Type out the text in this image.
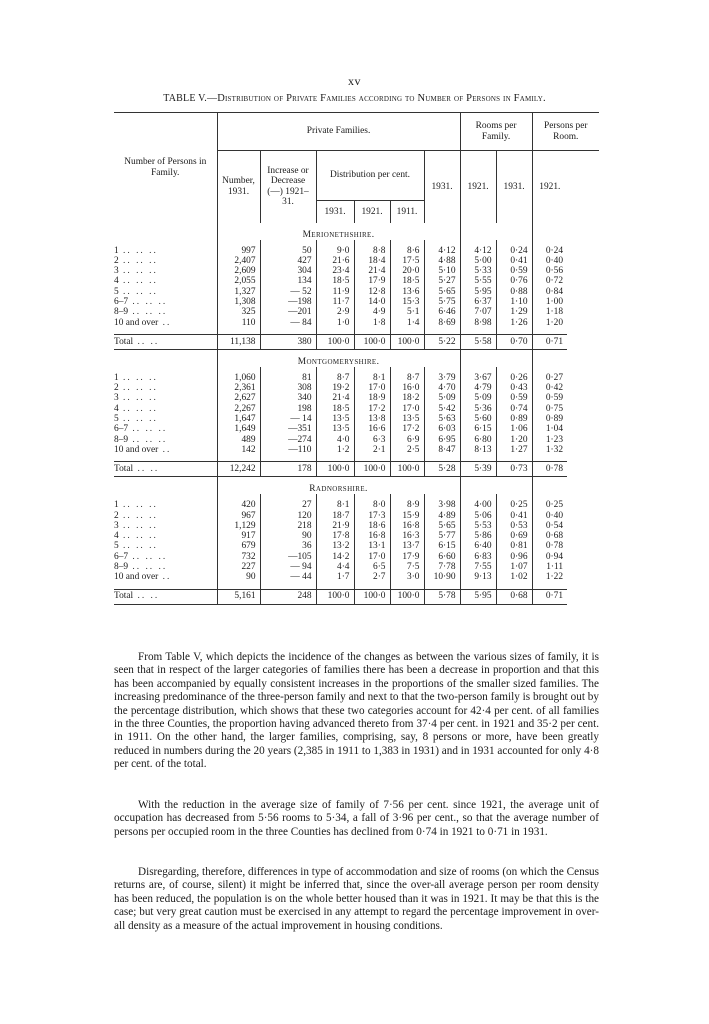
xv
TABLE V.—Distribution of Private Families according to Number of Persons in Family.
Number of Persons in Family.	Private Families.						Rooms per Family.		Persons per Room.
	Number, 1931.	Increase or Decrease (—) 1921–31.	Distribution per cent.			1931.	1921.	1931.	1921.
			1931.	1921.	1911.				
	Merionethshire.								

1 .. .. ..	997	50	9·0	8·8	8·6	4·12	4·12	0·24	0·24
2 .. .. ..	2,407	427	21·6	18·4	17·5	4·88	5·00	0·41	0·40
3 .. .. ..	2,609	304	23·4	21·4	20·0	5·10	5·33	0·59	0·56
4 .. .. ..	2,055	134	18·5	17·9	18·5	5·27	5·55	0·76	0·72
5 .. .. ..	1,327	— 52	11·9	12·8	13·6	5·65	5·95	0·88	0·84
6–7 .. .. ..	1,308	—198	11·7	14·0	15·3	5·75	6·37	1·10	1·00
8–9 .. .. ..	325	—201	2·9	4·9	5·1	6·46	7·07	1·29	1·18
10 and over ..	110	— 84	1·0	1·8	1·4	8·69	8·98	1·26	1·20

Total .. ..	11,138	380	100·0	100·0	100·0	5·22	5·58	0·70	0·71
	Montgomeryshire.								

1 .. .. ..	1,060	81	8·7	8·1	8·7	3·79	3·67	0·26	0·27
2 .. .. ..	2,361	308	19·2	17·0	16·0	4·70	4·79	0·43	0·42
3 .. .. ..	2,627	340	21·4	18·9	18·2	5·09	5·09	0·59	0·59
4 .. .. ..	2,267	198	18·5	17·2	17·0	5·42	5·36	0·74	0·75
5 .. .. ..	1,647	— 14	13·5	13·8	13·5	5·63	5·60	0·89	0·89
6–7 .. .. ..	1,649	—351	13·5	16·6	17·2	6·03	6·15	1·06	1·04
8–9 .. .. ..	489	—274	4·0	6·3	6·9	6·95	6·80	1·20	1·23
10 and over ..	142	—110	1·2	2·1	2·5	8·47	8·13	1·27	1·32

Total .. ..	12,242	178	100·0	100·0	100·0	5·28	5·39	0·73	0·78
	Radnorshire.								

1 .. .. ..	420	27	8·1	8·0	8·9	3·98	4·00	0·25	0·25
2 .. .. ..	967	120	18·7	17·3	15·9	4·89	5·06	0·41	0·40
3 .. .. ..	1,129	218	21·9	18·6	16·8	5·65	5·53	0·53	0·54
4 .. .. ..	917	90	17·8	16·8	16·3	5·77	5·86	0·69	0·68
5 .. .. ..	679	36	13·2	13·1	13·7	6·15	6·40	0·81	0·78
6–7 .. .. ..	732	—105	14·2	17·0	17·9	6·60	6·83	0·96	0·94
8–9 .. .. ..	227	— 94	4·4	6·5	7·5	7·78	7·55	1·07	1·11
10 and over ..	90	— 44	1·7	2·7	3·0	10·90	9·13	1·02	1·22

Total .. ..	5,161	248	100·0	100·0	100·0	5·78	5·95	0·68	0·71

From Table V, which depicts the incidence of the changes as between the various sizes of family, it is seen that in respect of the larger categories of families there has been a decrease in proportion and that this has been accompanied by equally consistent increases in the proportions of the smaller sized families. The increasing predominance of the three-person family and next to that the two-person family is brought out by the percentage distribution, which shows that these two categories account for 42·4 per cent. of all families in the three Counties, the proportion having advanced thereto from 37·4 per cent. in 1921 and 35·2 per cent. in 1911. On the other hand, the larger families, comprising, say, 8 persons or more, have been greatly reduced in numbers during the 20 years (2,385 in 1911 to 1,383 in 1931) and in 1931 accounted for only 4·8 per cent. of the total.

With the reduction in the average size of family of 7·56 per cent. since 1921, the average unit of occupation has decreased from 5·56 rooms to 5·34, a fall of 3·96 per cent., so that the average number of persons per occupied room in the three Counties has declined from 0·74 in 1921 to 0·71 in 1931.

Disregarding, therefore, differences in type of accommodation and size of rooms (on which the Census returns are, of course, silent) it might be inferred that, since the over-all average person per room density has been reduced, the population is on the whole better housed than it was in 1921. It may be that this is the case; but very great caution must be exercised in any attempt to regard the percentage improvement in over-all density as a measure of the actual improvement in housing conditions.
